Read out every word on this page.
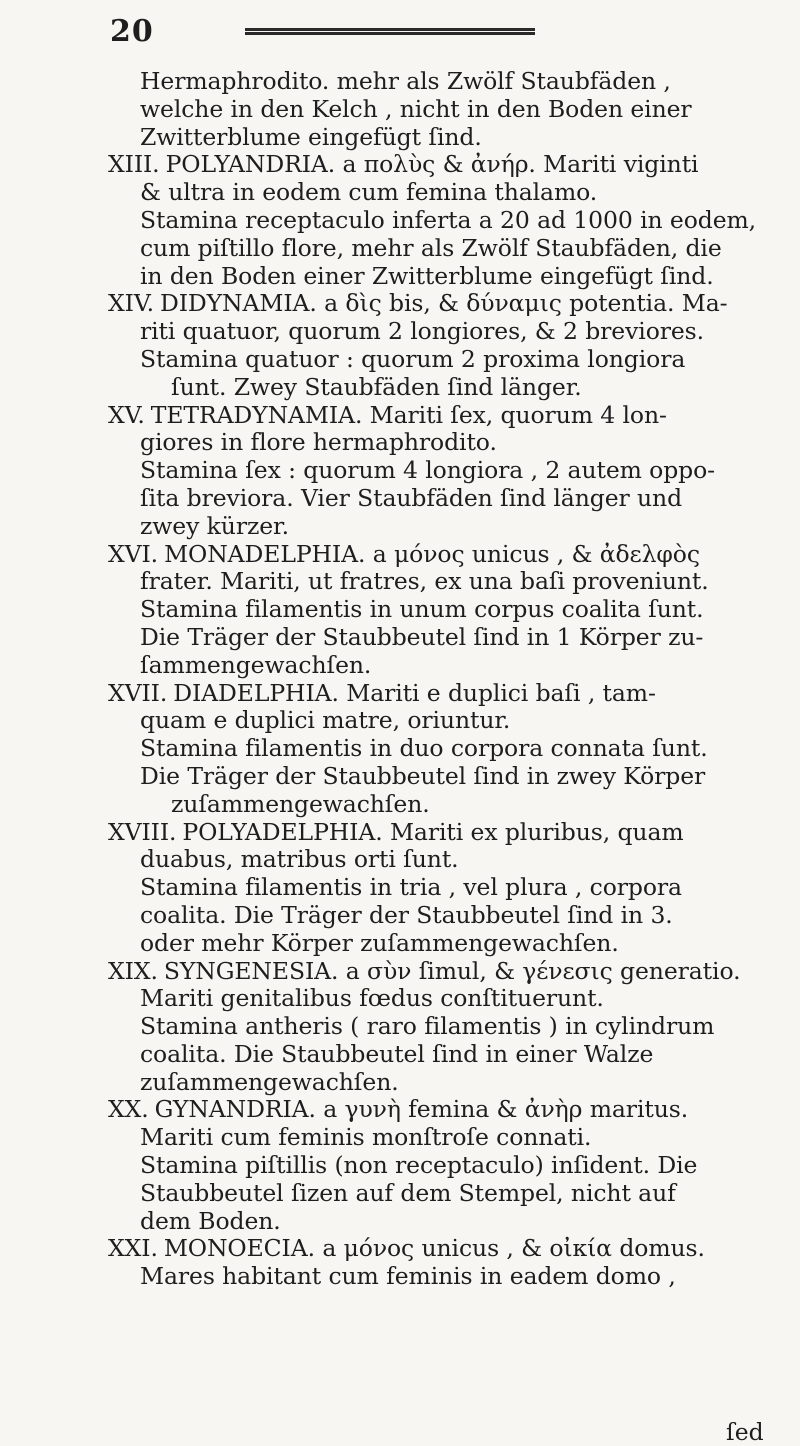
20
Hermaphrodito. mehr als Zwölf Staubfäden ,
welche in den Kelch , nicht in den Boden einer
Zwitterblume eingefügt ſind.
XIII. POLYANDRIA. a πολὺς & ἀνήρ. Mariti viginti
& ultra in eodem cum femina thalamo.
Stamina receptaculo inferta a 20 ad 1000 in eodem,
cum piſtillo flore, mehr als Zwölf Staubfäden, die
in den Boden einer Zwitterblume eingefügt ſind.
XIV. DIDYNAMIA. a δὶς bis, & δύναμις potentia. Ma-
riti quatuor, quorum 2 longiores, & 2 breviores.
Stamina quatuor : quorum 2 proxima longiora
ſunt. Zwey Staubfäden ſind länger.
XV. TETRADYNAMIA. Mariti ſex, quorum 4 lon-
giores in flore hermaphrodito.
Stamina ſex : quorum 4 longiora , 2 autem oppo-
ſita breviora. Vier Staubfäden ſind länger und
zwey kürzer.
XVI. MONADELPHIA. a μόνος unicus , & ἀδελφὸς
frater. Mariti, ut fratres, ex una baſi proveniunt.
Stamina filamentis in unum corpus coalita ſunt.
Die Träger der Staubbeutel ſind in 1 Körper zu-
ſammengewachſen.
XVII. DIADELPHIA. Mariti e duplici baſi , tam-
quam e duplici matre, oriuntur.
Stamina filamentis in duo corpora connata ſunt.
Die Träger der Staubbeutel ſind in zwey Körper
zuſammengewachſen.
XVIII. POLYADELPHIA. Mariti ex pluribus, quam
duabus, matribus orti ſunt.
Stamina filamentis in tria , vel plura , corpora
coalita. Die Träger der Staubbeutel ſind in 3.
oder mehr Körper zuſammengewachſen.
XIX. SYNGENESIA. a σὺν ſimul, & γένεσις generatio.
Mariti genitalibus fœdus conſtituerunt.
Stamina antheris ( raro filamentis ) in cylindrum
coalita. Die Staubbeutel ſind in einer Walze
zuſammengewachſen.
XX. GYNANDRIA. a γυνὴ femina & ἀνὴρ maritus.
Mariti cum feminis monſtroſe connati.
Stamina piſtillis (non receptaculo) inſident. Die
Staubbeutel ſizen auf dem Stempel, nicht auf
dem Boden.
XXI. MONOECIA. a μόνος unicus , & οἰκία domus.
Mares habitant cum feminis in eadem domo ,
ſed
